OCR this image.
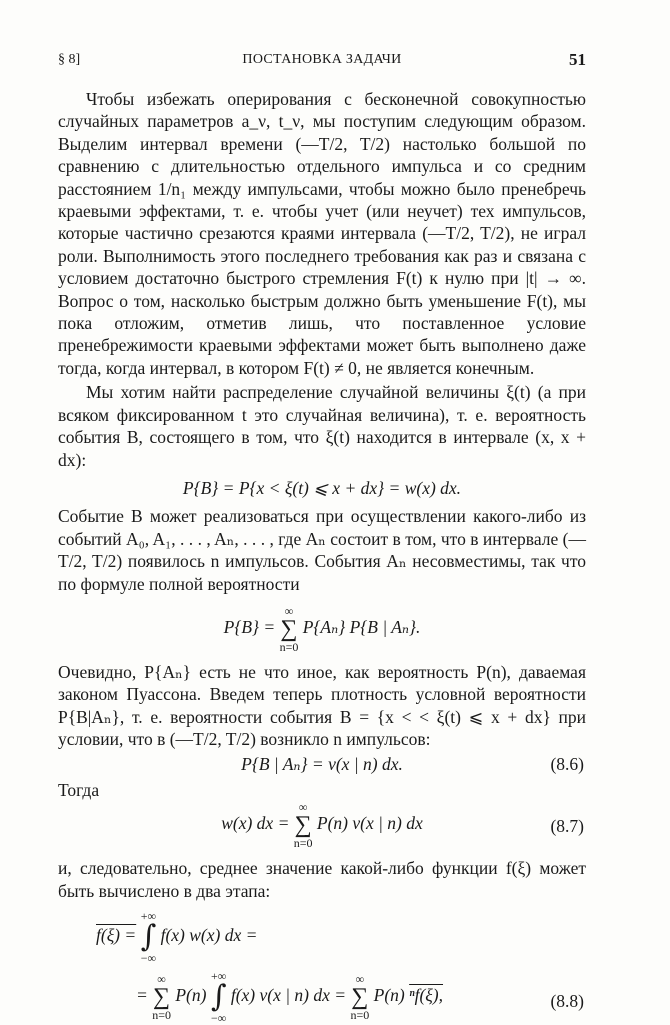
§ 8]	ПОСТАНОВКА ЗАДАЧИ	51

Чтобы избежать оперирования с бесконечной совокупностью случайных параметров a_ν, t_ν, мы поступим следующим образом. Выделим интервал времени (—T/2, T/2) настолько большой по сравнению с длительностью отдельного импульса и со средним расстоянием 1/n₁ между импульсами, чтобы можно было пренебречь краевыми эффектами, т. е. чтобы учет (или неучет) тех импульсов, которые частично срезаются краями интервала (—T/2, T/2), не играл роли. Выполнимость этого последнего требования как раз и связана с условием достаточно быстрого стремления F(t) к нулю при |t| → ∞. Вопрос о том, насколько быстрым должно быть уменьшение F(t), мы пока отложим, отметив лишь, что поставленное условие пренебрежимости краевыми эффектами может быть выполнено даже тогда, когда интервал, в котором F(t) ≠ 0, не является конечным.

Мы хотим найти распределение случайной величины ξ(t) (а при всяком фиксированном t это случайная величина), т. е. вероятность события B, состоящего в том, что ξ(t) находится в интервале (x, x + dx):

P{B} = P{x < ξ(t) ⩽ x + dx} = w(x) dx.

Событие B может реализоваться при осуществлении какого-либо из событий A₀, A₁, . . . , Aₙ, . . . , где Aₙ состоит в том, что в интервале (—T/2, T/2) появилось n импульсов. События Aₙ несовместимы, так что по формуле полной вероятности

P{B} =
∞
∑
n=0
P{Aₙ} P{B | Aₙ}.

Очевидно, P{Aₙ} есть не что иное, как вероятность P(n), даваемая законом Пуассона. Введем теперь плотность условной вероятности P{B|Aₙ}, т. е. вероятности события B = {x < < ξ(t) ⩽ x + dx} при условии, что в (—T/2, T/2) возникло n импульсов:

P{B | Aₙ} = v(x | n) dx.	(8.6)

Тогда

w(x) dx =
∞
∑
n=0
P(n) v(x | n) dx	(8.7)

и, следовательно, среднее значение какой-либо функции f(ξ) может быть вычислено в два этапа:

f(ξ) =
+∞
∫
−∞
f(x) w(x) dx =
=
∞
∑
n=0
P(n)
+∞
∫
−∞
f(x) v(x | n) dx =
∞
∑
n=0
P(n) ⁿf(ξ),	(8.8)
